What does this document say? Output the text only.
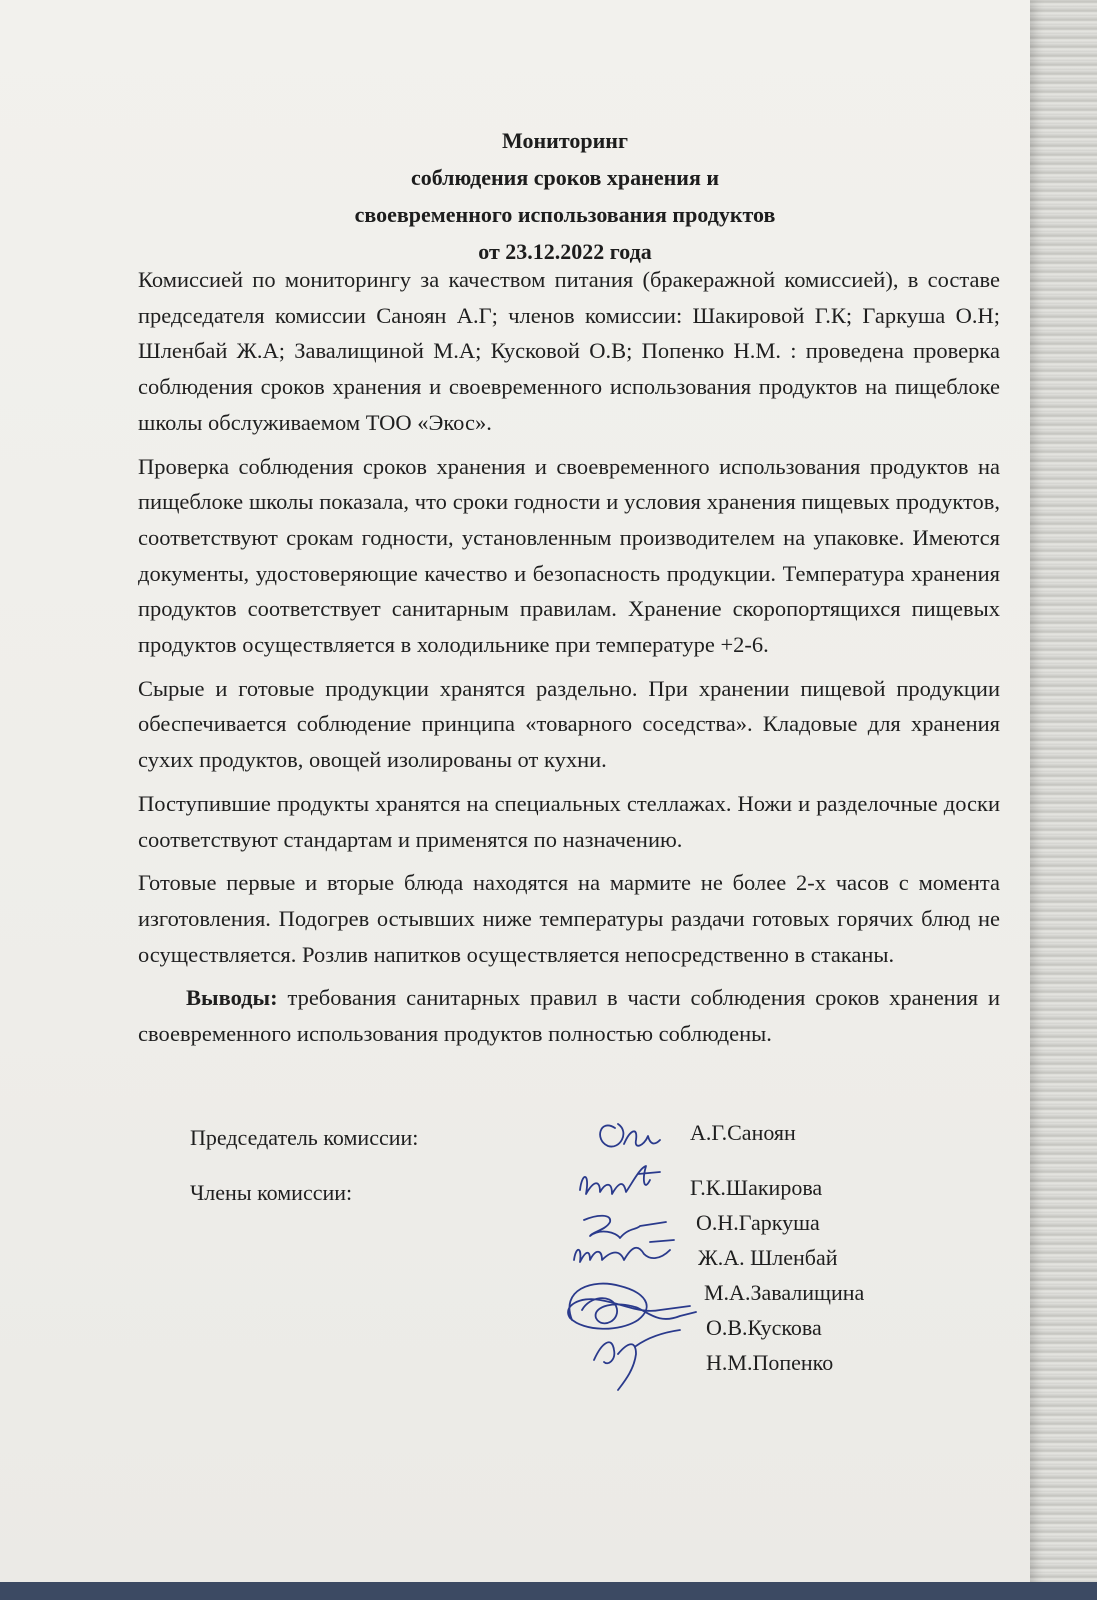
Мониторинг
соблюдения сроков хранения и
своевременного использования продуктов
от 23.12.2022 года

Комиссией по мониторингу за качеством питания (бракеражной комиссией), в составе председателя комиссии Саноян А.Г; членов комиссии: Шакировой Г.К; Гаркуша О.Н; Шленбай Ж.А; Завалищиной М.А; Кусковой О.В; Попенко Н.М. : проведена проверка соблюдения сроков хранения и своевременного использования продуктов на пищеблоке школы обслуживаемом ТОО «Экос».

Проверка соблюдения сроков хранения и своевременного использования продуктов на пищеблоке школы показала, что сроки годности и условия хранения пищевых продуктов, соответствуют срокам годности, установленным производителем на упаковке. Имеются документы, удостоверяющие качество и безопасность продукции. Температура хранения продуктов соответствует санитарным правилам. Хранение скоропортящихся пищевых продуктов осуществляется в холодильнике при температуре +2-6.

Сырые и готовые продукции хранятся раздельно. При хранении пищевой продукции обеспечивается соблюдение принципа «товарного соседства». Кладовые для хранения сухих продуктов, овощей изолированы от кухни.

Поступившие продукты хранятся на специальных стеллажах. Ножи и разделочные доски соответствуют стандартам и применятся по назначению.

Готовые первые и вторые блюда находятся на мармите не более 2-х часов с момента изготовления. Подогрев остывших ниже температуры раздачи готовых горячих блюд не осуществляется. Розлив напитков осуществляется непосредственно в стаканы.

Выводы: требования санитарных правил в части соблюдения сроков хранения и своевременного использования продуктов полностью соблюдены.

Председатель комиссии:
Члены комиссии:
А.Г.Саноян
Г.К.Шакирова
О.Н.Гаркуша
Ж.А. Шленбай
М.А.Завалищина
О.В.Кускова
Н.М.Попенко
